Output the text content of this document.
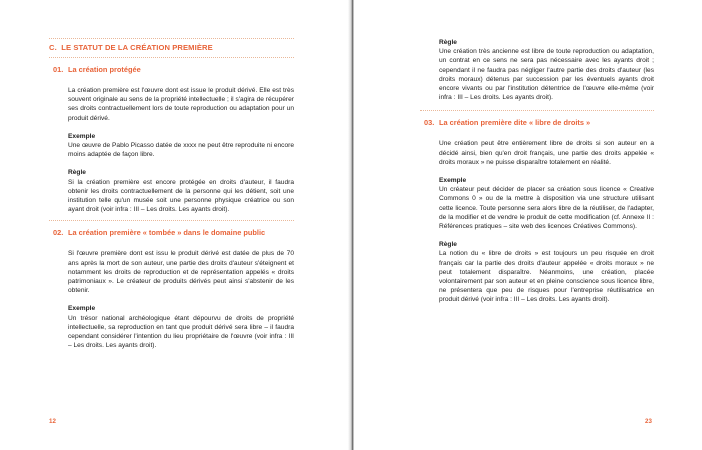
C.  LE STATUT DE LA CRÉATION PREMIÈRE
01. La création protégée

La création première est l'œuvre dont est issue le produit dérivé. Elle est très souvent originale au sens de la propriété intellectuelle ; il s'agira de récupérer ses droits contractuellement lors de toute reproduction ou adaptation pour un produit dérivé.

Exemple

Une œuvre de Pablo Picasso datée de xxxx ne peut être reproduite ni encore moins adaptée de façon libre.

Règle

Si la création première est encore protégée en droits d'auteur, il faudra obtenir les droits contractuellement de la personne qui les détient, soit une institution telle qu'un musée soit une personne physique créatrice ou son ayant droit (voir infra : III – Les droits. Les ayants droit).

02. La création première « tombée » dans le domaine public

Si l'œuvre première dont est issu le produit dérivé est datée de plus de 70 ans après la mort de son auteur, une partie des droits d'auteur s'éteignent et notamment les droits de reproduction et de représentation appelés « droits patrimoniaux ». Le créateur de produits dérivés peut ainsi s'abstenir de les obtenir.

Exemple

Un trésor national archéologique étant dépourvu de droits de propriété intellectuelle, sa reproduction en tant que produit dérivé sera libre – il faudra cependant considérer l'intention du lieu propriétaire de l'œuvre (voir infra : III – Les droits. Les ayants droit).

12

Règle

Une création très ancienne est libre de toute reproduction ou adaptation, un contrat en ce sens ne sera pas nécessaire avec les ayants droit ; cependant il ne faudra pas négliger l'autre partie des droits d'auteur (les droits moraux) détenus par succession par les éventuels ayants droit encore vivants ou par l'institution détentrice de l'œuvre elle-même (voir infra : III – Les droits. Les ayants droit).

03. La création première dite « libre de droits »

Une création peut être entièrement libre de droits si son auteur en a décidé ainsi, bien qu'en droit français, une partie des droits appelée « droits moraux » ne puisse disparaître totalement en réalité.

Exemple

Un créateur peut décider de placer sa création sous licence « Creative Commons 0 » ou de la mettre à disposition via une structure utilisant cette licence. Toute personne sera alors libre de la réutiliser, de l'adapter, de la modifier et de vendre le produit de cette modification (cf. Annexe II : Références pratiques – site web des licences Créatives Commons).

Règle

La notion du « libre de droits » est toujours un peu risquée en droit français car la partie des droits d'auteur appelée « droits moraux » ne peut totalement disparaître. Néanmoins, une création, placée volontairement par son auteur et en pleine conscience sous licence libre, ne présentera que peu de risques pour l'entreprise réutilisatrice en produit dérivé (voir infra : III – Les droits. Les ayants droit).

23
